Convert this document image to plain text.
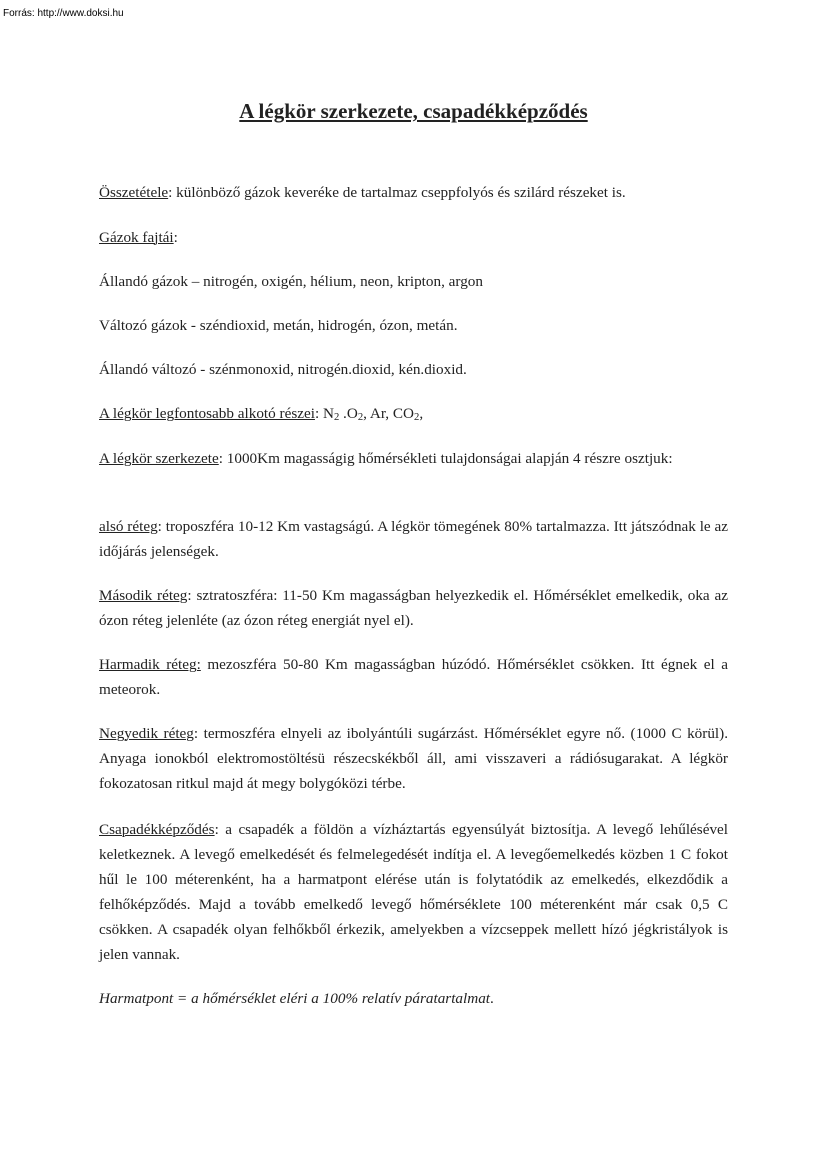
Forrás: http://www.doksi.hu
A légkör szerkezete, csapadékképződés

Összetétele: különböző gázok keveréke de tartalmaz cseppfolyós és szilárd részeket is.

Gázok fajtái:

Állandó gázok – nitrogén, oxigén, hélium, neon, kripton, argon

Változó gázok - széndioxid, metán, hidrogén, ózon, metán.

Állandó változó - szénmonoxid, nitrogén.dioxid, kén.dioxid.

A légkör legfontosabb alkotó részei: $N_2$ $.O_2$, Ar, $CO_2$,

A légkör szerkezete: 1000Km magasságig hőmérsékleti tulajdonságai alapján 4 részre osztjuk:

alsó réteg: troposzféra 10-12 Km vastagságú. A légkör tömegének 80% tartalmazza. Itt játszódnak le az időjárás jelenségek.

Második réteg: sztratoszféra: 11-50 Km magasságban helyezkedik el. Hőmérséklet emelkedik, oka az ózon réteg jelenléte (az ózon réteg energiát nyel el).

Harmadik réteg: mezoszféra 50-80 Km magasságban húzódó. Hőmérséklet csökken. Itt égnek el a meteorok.

Negyedik réteg: termoszféra elnyeli az ibolyántúli sugárzást. Hőmérséklet egyre nő. (1000 C körül). Anyaga ionokból elektromostöltésü részecskékből áll, ami visszaveri a rádiósugarakat. A légkör fokozatosan ritkul majd át megy bolygóközi térbe.

Csapadékképződés: a csapadék a földön a vízháztartás egyensúlyát biztosítja. A levegő lehűlésével keletkeznek. A levegő emelkedését és felmelegedését indítja el. A levegőemelkedés közben 1 C fokot hűl le 100 méterenként, ha a harmatpont elérése után is folytatódik az emelkedés, elkezdődik a felhőképződés. Majd a tovább emelkedő levegő hőmérséklete 100 méterenként már csak 0,5 C csökken. A csapadék olyan felhőkből érkezik, amelyekben a vízcseppek mellett hízó jégkristályok is jelen vannak.

Harmatpont = a hőmérséklet eléri a 100% relatív páratartalmat.
